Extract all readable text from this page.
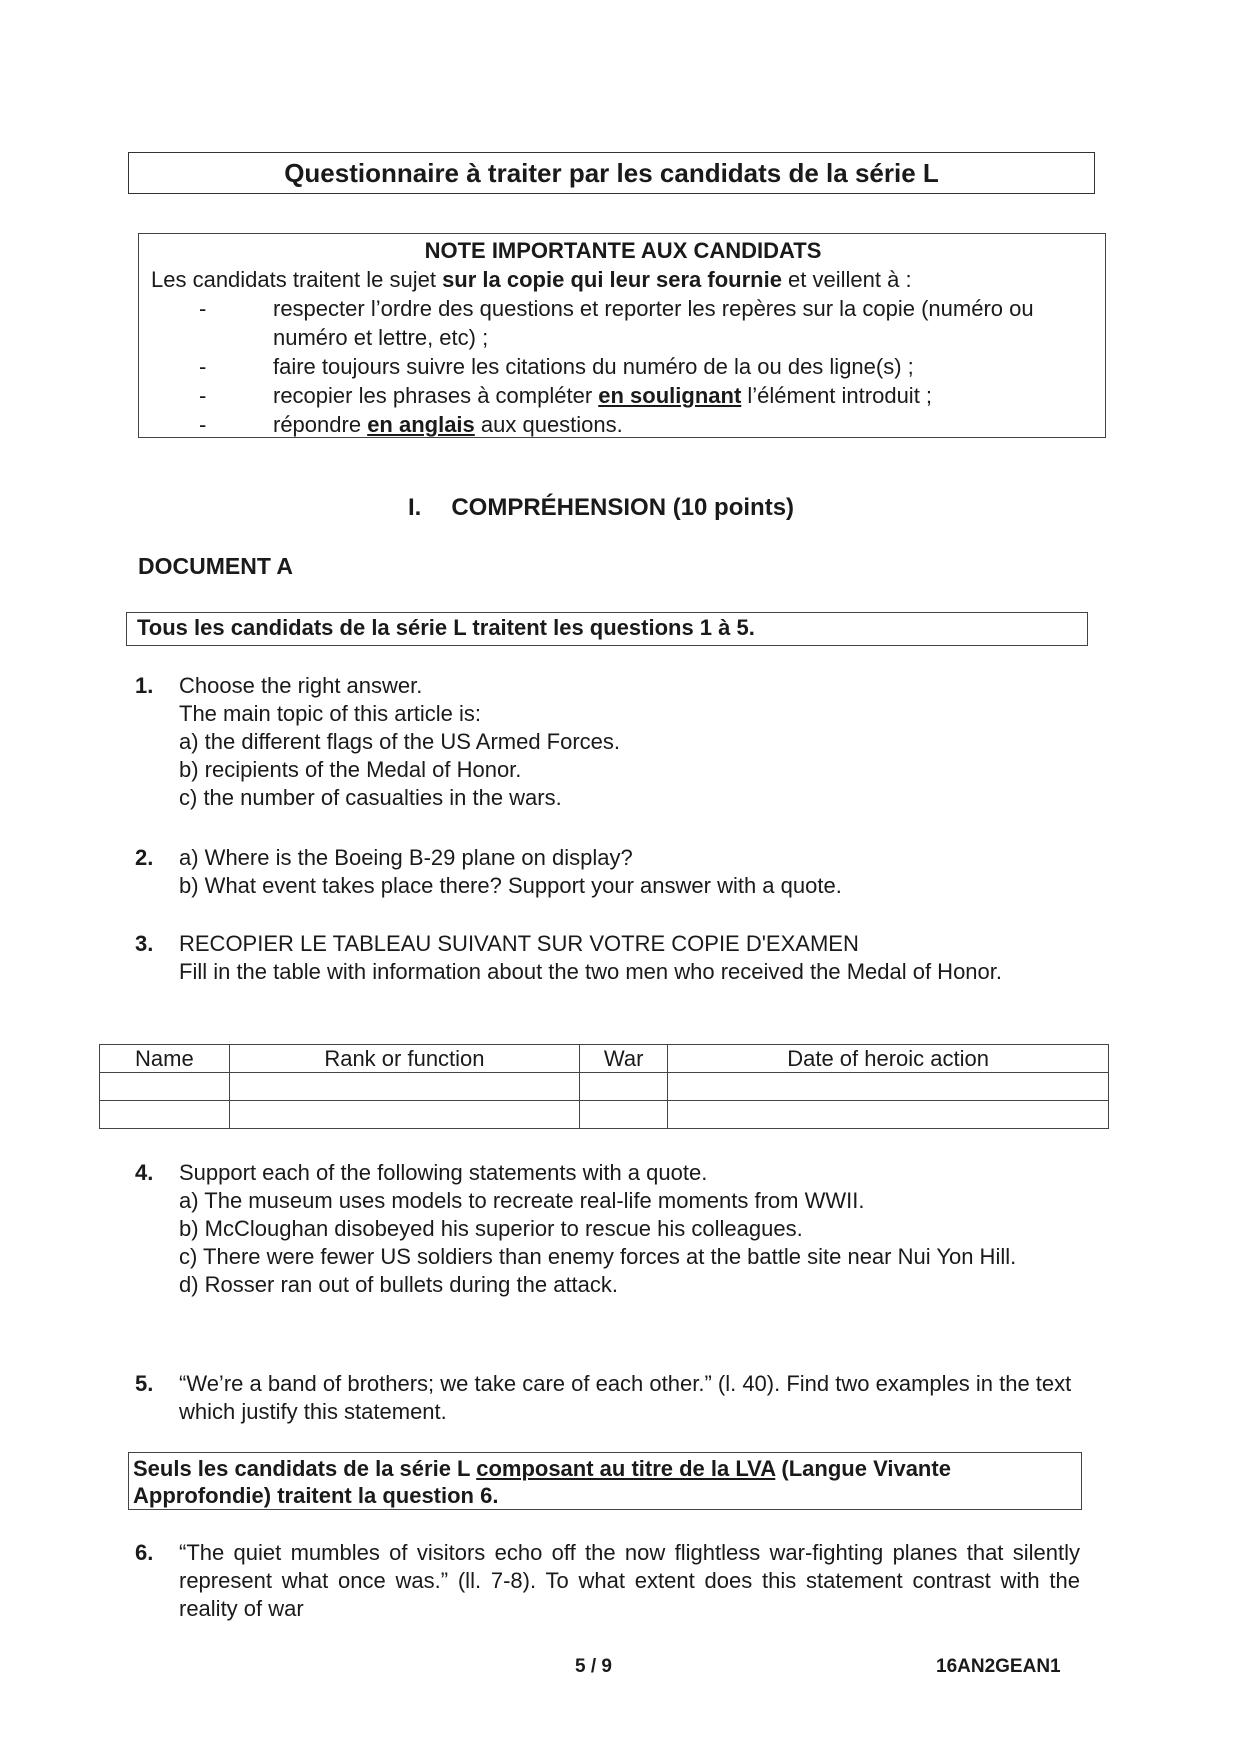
Questionnaire à traiter par les candidats de la série L
NOTE IMPORTANTE AUX CANDIDATS
Les candidats traitent le sujet sur la copie qui leur sera fournie et veillent à :
-	respecter l’ordre des questions et reporter les repères sur la copie (numéro ou numéro et lettre, etc) ;
-	faire toujours suivre les citations du numéro de la ou des ligne(s) ;
-	recopier les phrases à compléter en soulignant l’élément introduit ;
-	répondre en anglais aux questions.
I. COMPRÉHENSION (10 points)
DOCUMENT A
Tous les candidats de la série L traitent les questions 1 à 5.
1. Choose the right answer.
The main topic of this article is:
a) the different flags of the US Armed Forces.
b) recipients of the Medal of Honor.
c) the number of casualties in the wars.
2. a) Where is the Boeing B-29 plane on display?
b) What event takes place there? Support your answer with a quote.
3. RECOPIER LE TABLEAU SUIVANT SUR VOTRE COPIE D'EXAMEN
Fill in the table with information about the two men who received the Medal of Honor.
Name	Rank or function	War	Date of heroic action

4. Support each of the following statements with a quote.
a) The museum uses models to recreate real-life moments from WWII.
b) McCloughan disobeyed his superior to rescue his colleagues.
c) There were fewer US soldiers than enemy forces at the battle site near Nui Yon Hill.
d) Rosser ran out of bullets during the attack.
5. “We’re a band of brothers; we take care of each other.” (l. 40). Find two examples in the text which justify this statement.
Seuls les candidats de la série L composant au titre de la LVA (Langue Vivante Approfondie) traitent la question 6.
6. “The quiet mumbles of visitors echo off the now flightless war-fighting planes that silently represent what once was.” (ll. 7-8). To what extent does this statement contrast with the reality of war
5 / 9	16AN2GEAN1
